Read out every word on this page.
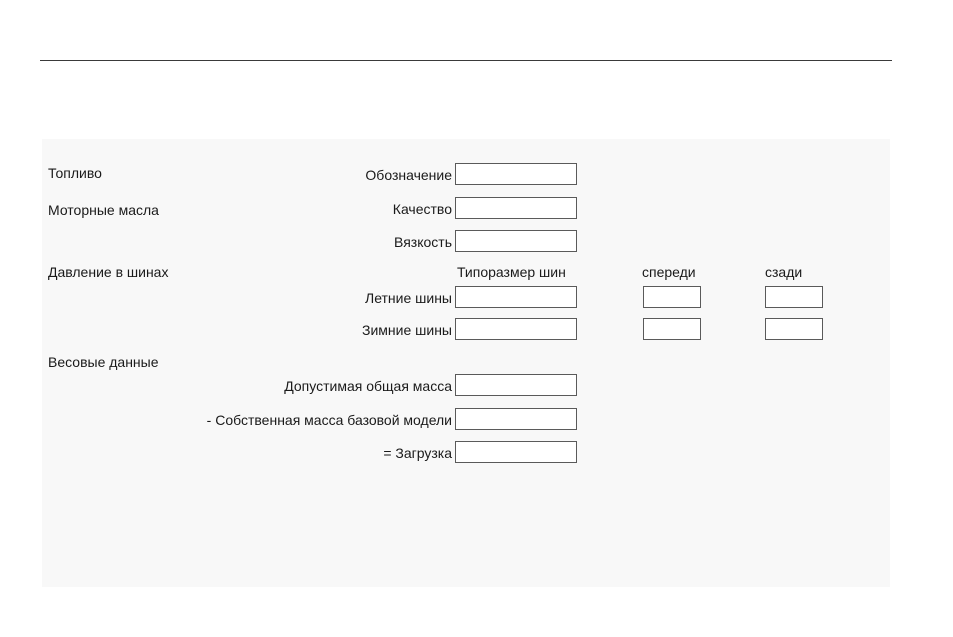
Топливо
Моторные масла
Давление в шинах
Весовые данные
Обозначение
Качество
Вязкость
Типоразмер шин	спереди	сзади
Летние шины
Зимние шины
Допустимая общая масса
- Собственная масса базовой модели
= Загрузка
